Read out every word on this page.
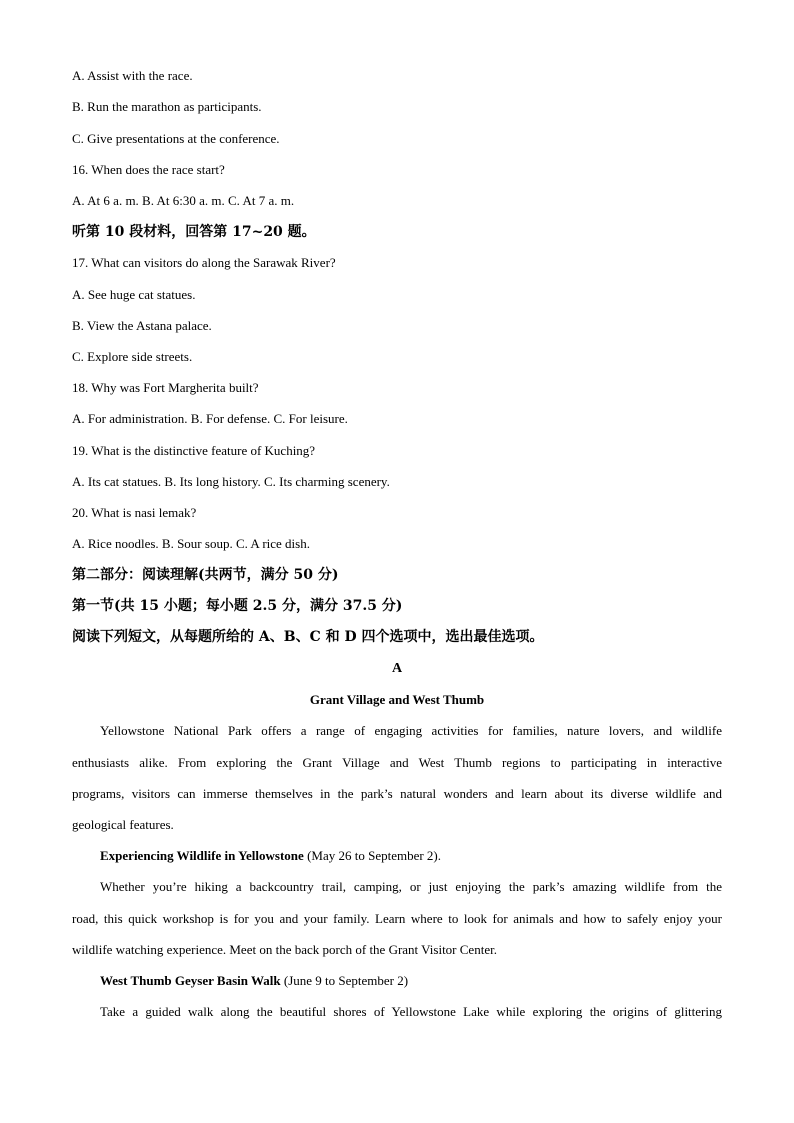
A. Assist with the race.
B. Run the marathon as participants.
C. Give presentations at the conference.
16. When does the race start?
A. At 6 a. m. B. At 6:30 a. m. C. At 7 a. m.
听第 10 段材料，回答第 17~20 题。
17. What can visitors do along the Sarawak River?
A. See huge cat statues.
B. View the Astana palace.
C. Explore side streets.
18. Why was Fort Margherita built?
A. For administration. B. For defense. C. For leisure.
19. What is the distinctive feature of Kuching?
A. Its cat statues. B. Its long history. C. Its charming scenery.
20. What is nasi lemak?
A. Rice noodles. B. Sour soup. C. A rice dish.
第二部分：阅读理解(共两节，满分 50 分)
第一节(共 15 小题；每小题 2.5 分，满分 37.5 分)
阅读下列短文，从每题所给的 A、B、C 和 D 四个选项中，选出最佳选项。
A
Grant Village and West Thumb
Yellowstone National Park offers a range of engaging activities for families, nature lovers, and wildlife
enthusiasts alike. From exploring the Grant Village and West Thumb regions to participating in interactive
programs, visitors can immerse themselves in the park’s natural wonders and learn about its diverse wildlife and
geological features.
Experiencing Wildlife in Yellowstone (May 26 to September 2).
Whether you’re hiking a backcountry trail, camping, or just enjoying the park’s amazing wildlife from the
road, this quick workshop is for you and your family. Learn where to look for animals and how to safely enjoy your
wildlife watching experience. Meet on the back porch of the Grant Visitor Center.
West Thumb Geyser Basin Walk (June 9 to September 2)
Take a guided walk along the beautiful shores of Yellowstone Lake while exploring the origins of glittering
